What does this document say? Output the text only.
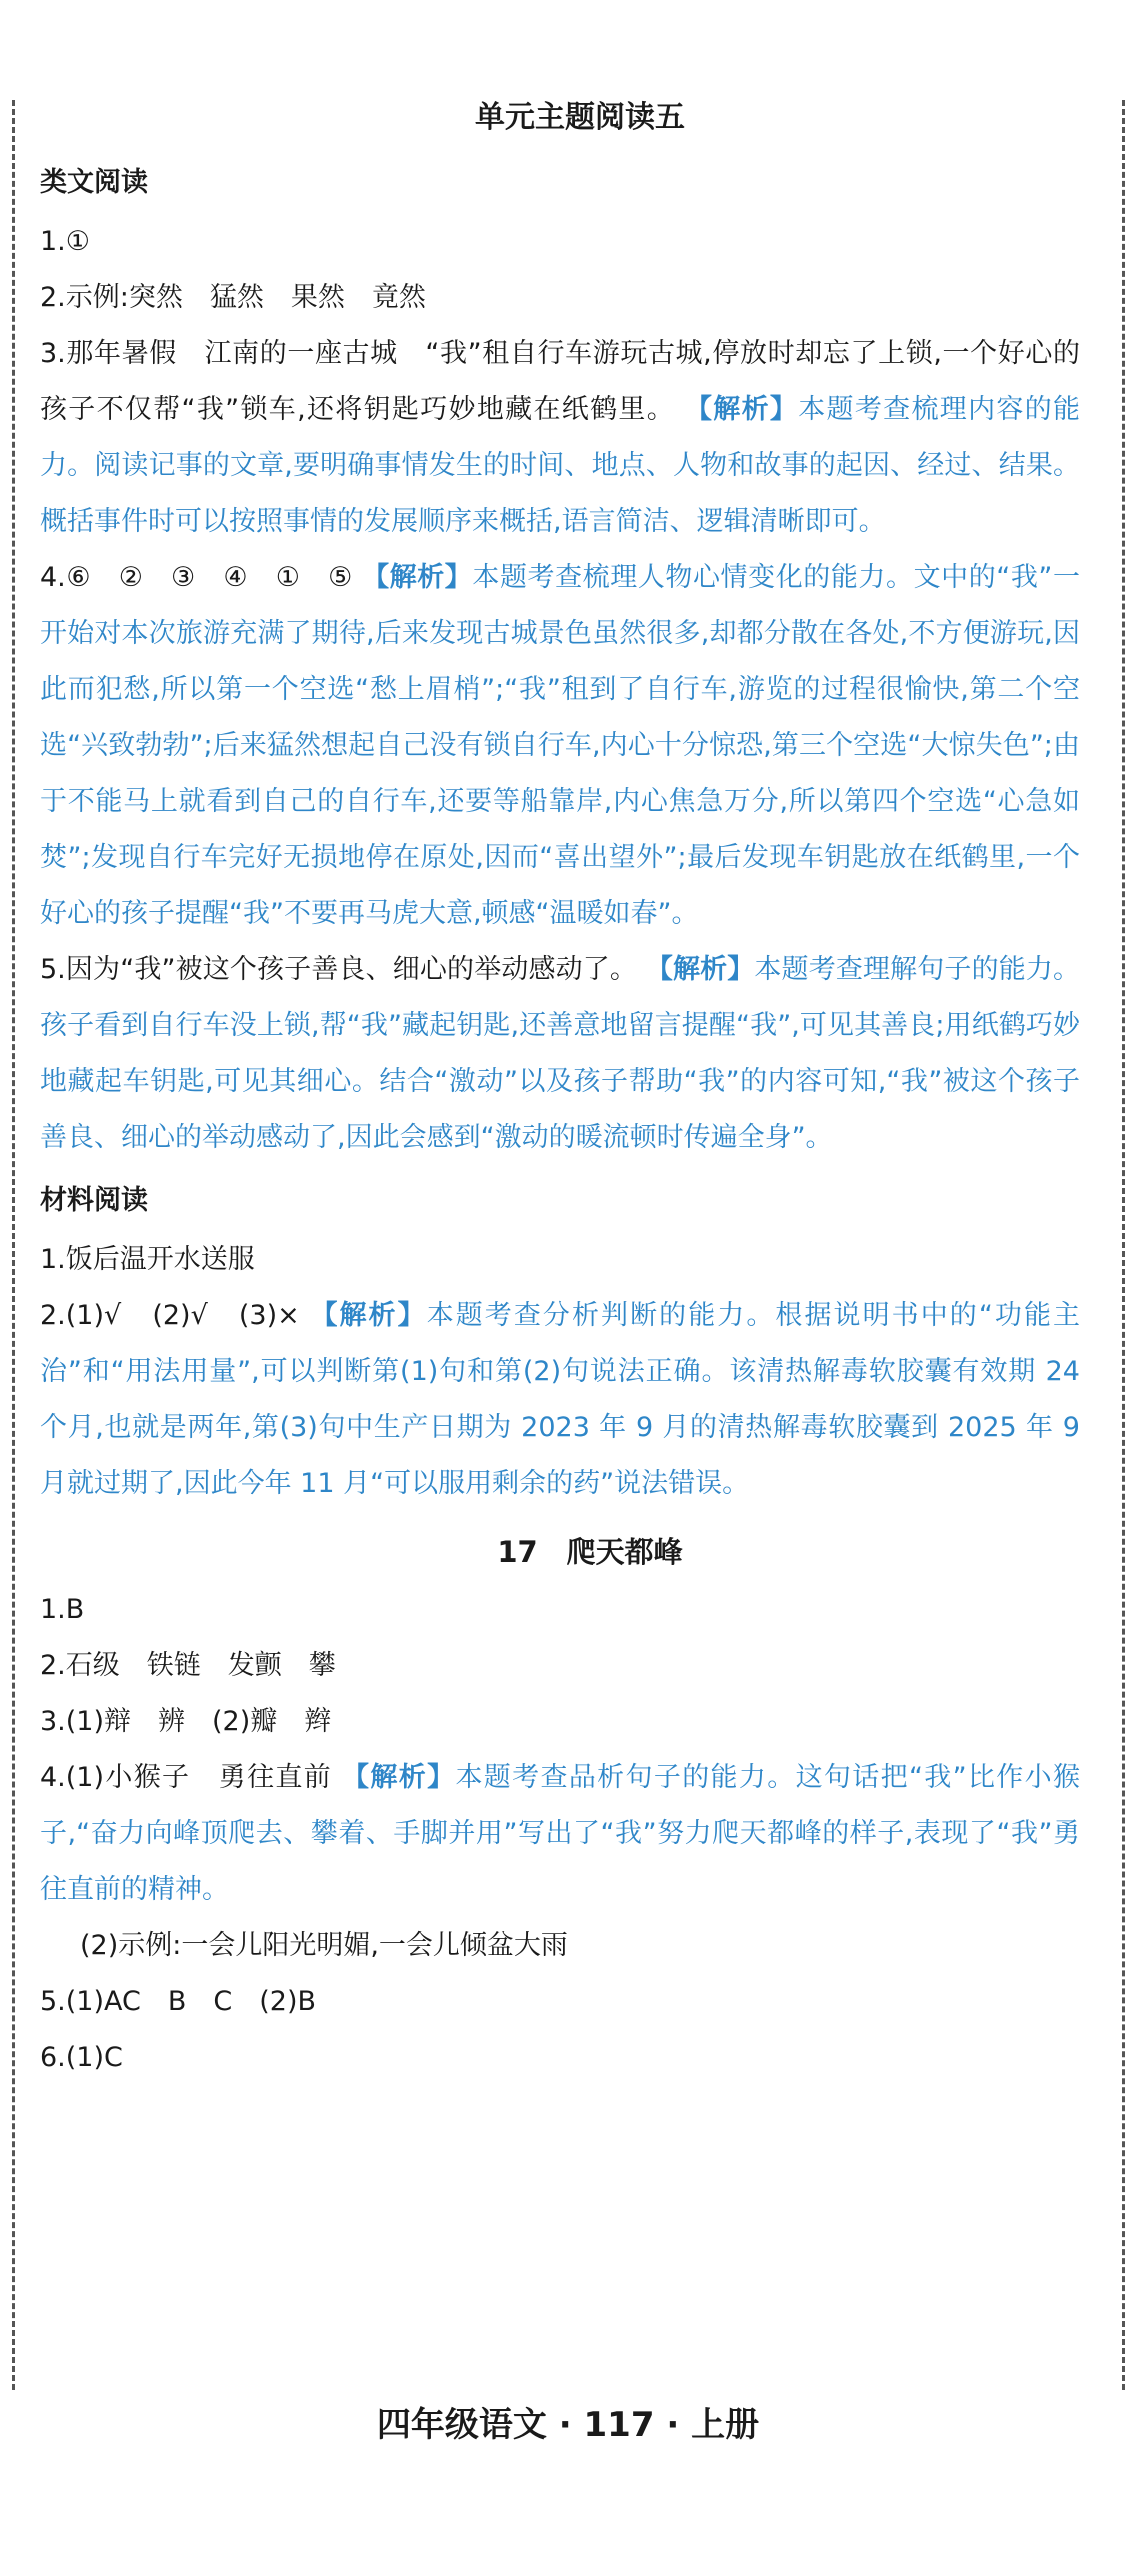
单元主题阅读五
类文阅读

1.①

2.示例:突然　猛然　果然　竟然

3.那年暑假　江南的一座古城　“我”租自行车游玩古城,停放时却忘了上锁,一个好心的孩子不仅帮“我”锁车,还将钥匙巧妙地藏在纸鹤里。 【解析】本题考查梳理内容的能力。阅读记事的文章,要明确事情发生的时间、地点、人物和故事的起因、经过、结果。概括事件时可以按照事情的发展顺序来概括,语言简洁、逻辑清晰即可。

4.⑥　②　③　④　①　⑤ 【解析】本题考查梳理人物心情变化的能力。文中的“我”一开始对本次旅游充满了期待,后来发现古城景色虽然很多,却都分散在各处,不方便游玩,因此而犯愁,所以第一个空选“愁上眉梢”;“我”租到了自行车,游览的过程很愉快,第二个空选“兴致勃勃”;后来猛然想起自己没有锁自行车,内心十分惊恐,第三个空选“大惊失色”;由于不能马上就看到自己的自行车,还要等船靠岸,内心焦急万分,所以第四个空选“心急如焚”;发现自行车完好无损地停在原处,因而“喜出望外”;最后发现车钥匙放在纸鹤里,一个好心的孩子提醒“我”不要再马虎大意,顿感“温暖如春”。

5.因为“我”被这个孩子善良、细心的举动感动了。 【解析】本题考查理解句子的能力。孩子看到自行车没上锁,帮“我”藏起钥匙,还善意地留言提醒“我”,可见其善良;用纸鹤巧妙地藏起车钥匙,可见其细心。结合“激动”以及孩子帮助“我”的内容可知,“我”被这个孩子善良、细心的举动感动了,因此会感到“激动的暖流顿时传遍全身”。

材料阅读

1.饭后温开水送服

2.(1)√　(2)√　(3)× 【解析】本题考查分析判断的能力。根据说明书中的“功能主治”和“用法用量”,可以判断第(1)句和第(2)句说法正确。该清热解毒软胶囊有效期 24 个月,也就是两年,第(3)句中生产日期为 2023 年 9 月的清热解毒软胶囊到 2025 年 9 月就过期了,因此今年 11 月“可以服用剩余的药”说法错误。

17　爬天都峰

1.B

2.石级　铁链　发颤　攀

3.(1)辩　辨　(2)瓣　辫

4.(1)小猴子　勇往直前 【解析】本题考查品析句子的能力。这句话把“我”比作小猴子,“奋力向峰顶爬去、攀着、手脚并用”写出了“我”努力爬天都峰的样子,表现了“我”勇往直前的精神。

(2)示例:一会儿阳光明媚,一会儿倾盆大雨

5.(1)AC　B　C　(2)B

6.(1)C

四年级语文 · 117 · 上册
